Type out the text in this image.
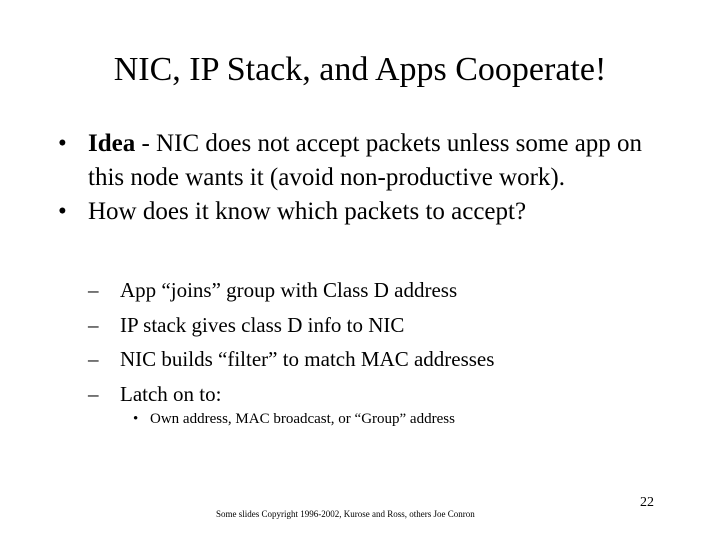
NIC, IP Stack, and Apps Cooperate!
• Idea - NIC does not accept packets unless some app on this node wants it (avoid non-productive work).
• How does it know which packets to accept?
– App “joins” group with Class D address
– IP stack gives class D info to NIC
– NIC builds “filter” to match MAC addresses
– Latch on to:
• Own address, MAC broadcast, or “Group” address
Some slides Copyright 1996-2002, Kurose and Ross, others Joe Conron
22
